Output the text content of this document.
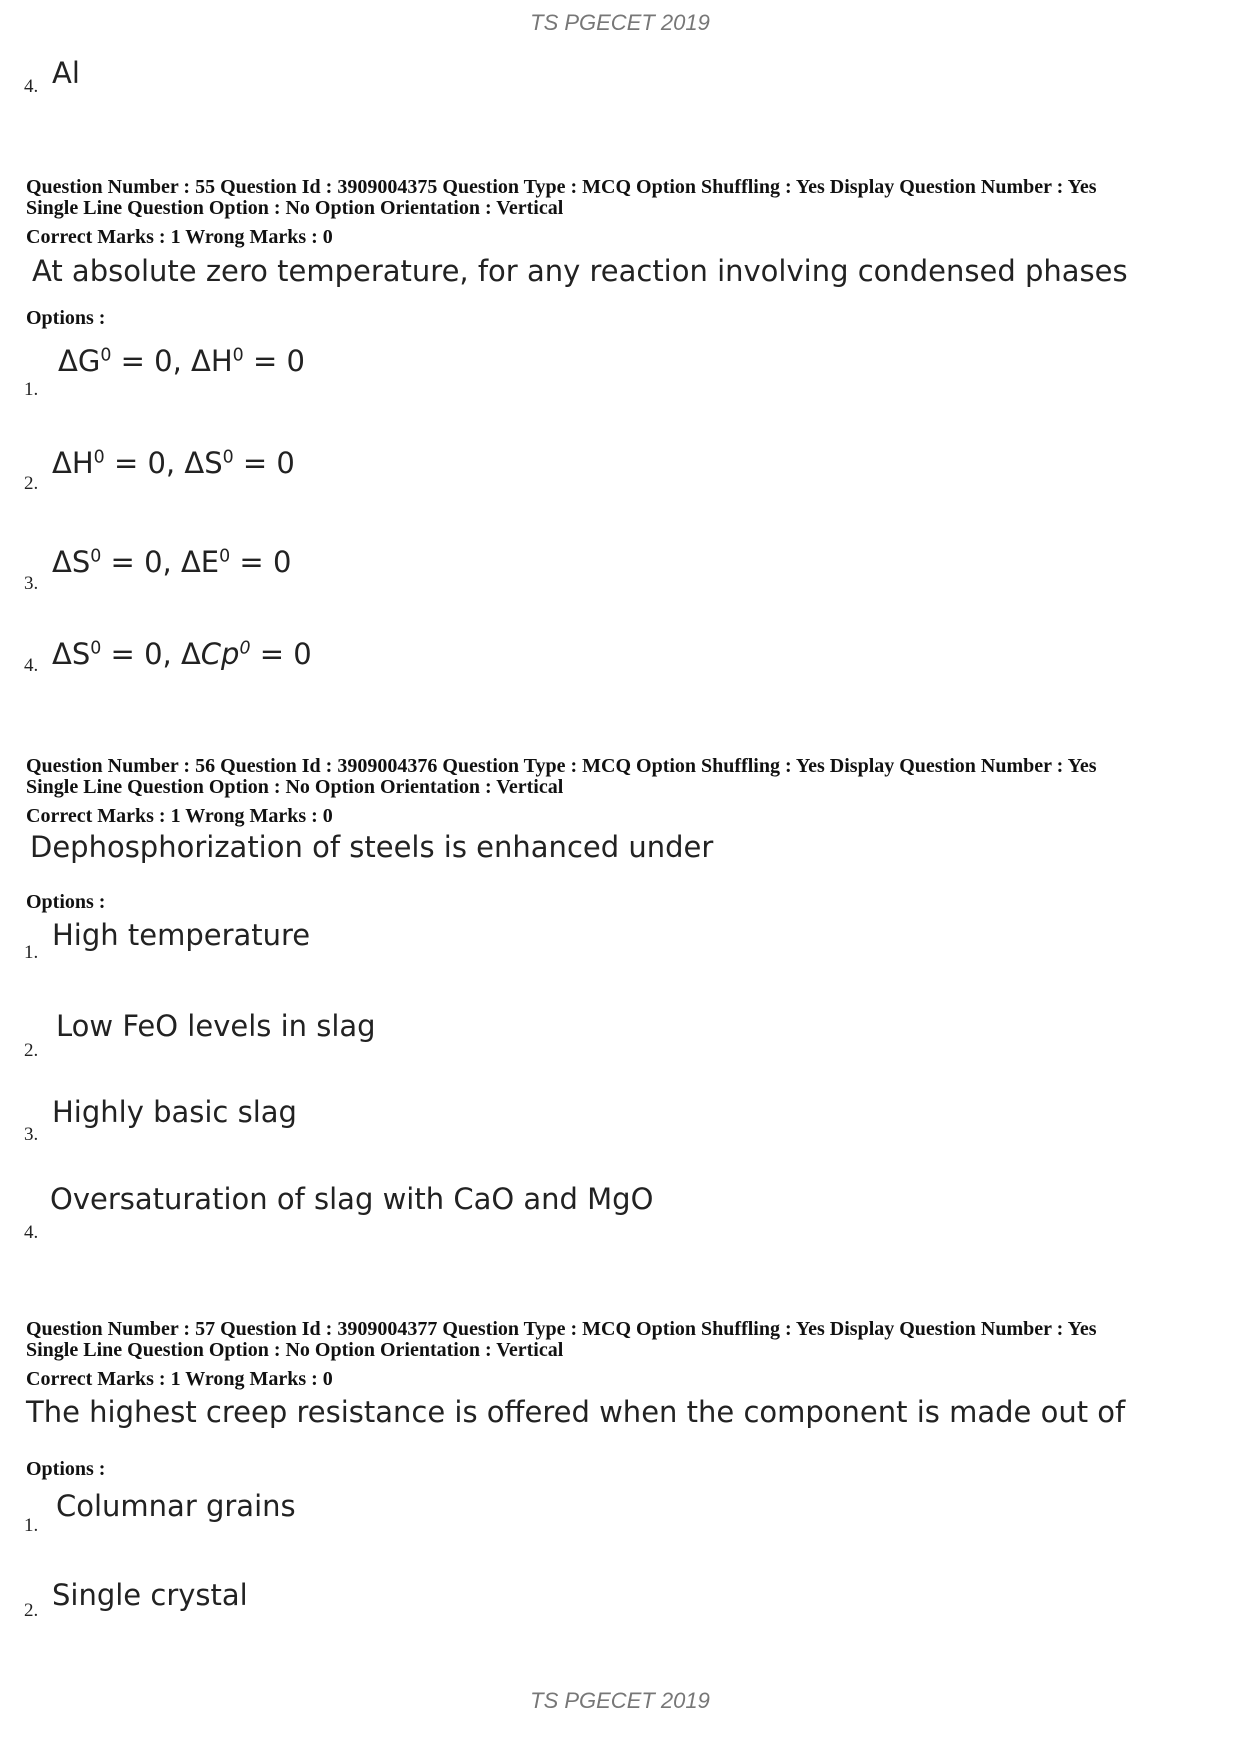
TS PGECET 2019
4. Al
Question Number : 55 Question Id : 3909004375 Question Type : MCQ Option Shuffling : Yes Display Question Number : Yes
Single Line Question Option : No Option Orientation : Vertical
Correct Marks : 1 Wrong Marks : 0
At absolute zero temperature, for any reaction involving condensed phases
Options :
1.
$\Delta G^0 = 0$, $\Delta H^0 = 0$
2.
$\Delta H^0 = 0$, $\Delta S^0 = 0$
3.
$\Delta S^0 = 0$, $\Delta E^0 = 0$
4. $\Delta S^0 = 0$, ΔCp$^0$ = 0
Question Number : 56 Question Id : 3909004376 Question Type : MCQ Option Shuffling : Yes Display Question Number : Yes
Single Line Question Option : No Option Orientation : Vertical
Correct Marks : 1 Wrong Marks : 0
Dephosphorization of steels is enhanced under
Options :
1.
High temperature
2.
Low FeO levels in slag
3.
Highly basic slag
4.
Oversaturation of slag with CaO and MgO
Question Number : 57 Question Id : 3909004377 Question Type : MCQ Option Shuffling : Yes Display Question Number : Yes
Single Line Question Option : No Option Orientation : Vertical
Correct Marks : 1 Wrong Marks : 0
The highest creep resistance is offered when the component is made out of
Options :
1.
Columnar grains
2. Single crystal
TS PGECET 2019
